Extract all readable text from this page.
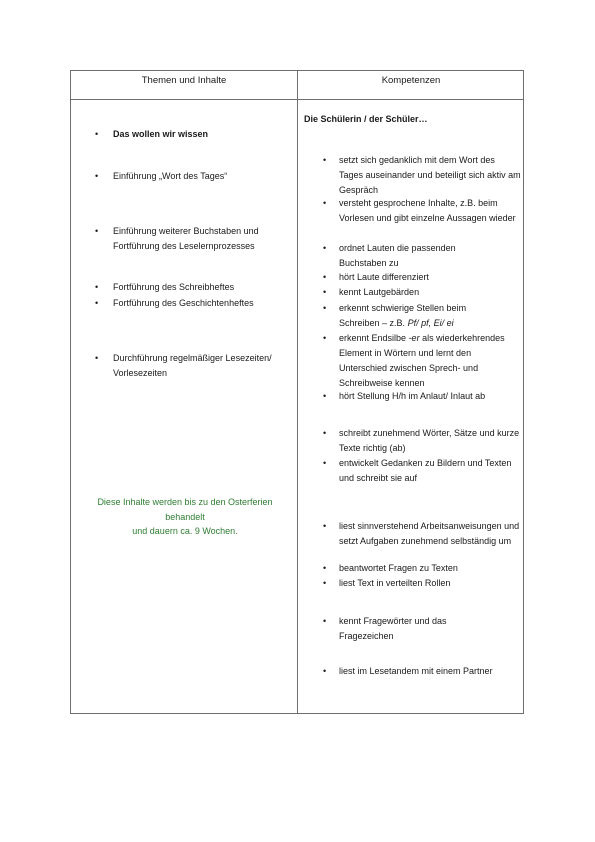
Themen und Inhalte	Kompetenzen
•
Das wollen wir wissen
•
Einführung „Wort des Tages“
•
Einführung weiterer Buchstaben und Fortführung des Leselernprozesses
•
Fortführung des Schreibheftes
•
Fortführung des Geschichtenheftes
•
Durchführung regelmäßiger Lesezeiten/ Vorlesezeiten
Diese Inhalte werden bis zu den Osterferien
behandelt
und dauern ca. 9 Wochen.
Die Schülerin / der Schüler…
•
setzt sich gedanklich mit dem Wort des Tages auseinander und beteiligt sich aktiv am Gespräch
•
versteht gesprochene Inhalte, z.B. beim Vorlesen und gibt einzelne Aussagen wieder
•
ordnet Lauten die passenden Buchstaben zu
•
hört Laute differenziert
•
kennt Lautgebärden
•
erkennt schwierige Stellen beim Schreiben – z.B. Pf/ pf, Ei/ ei
•
erkennt Endsilbe -er als wiederkehrendes Element in Wörtern und lernt den Unterschied zwischen Sprech- und Schreibweise kennen
•
hört Stellung H/h im Anlaut/ Inlaut ab
•
schreibt zunehmend Wörter, Sätze und kurze Texte richtig (ab)
•
entwickelt Gedanken zu Bildern und Texten und schreibt sie auf
•
liest sinnverstehend Arbeitsanweisungen und setzt Aufgaben zunehmend selbständig um
•
beantwortet Fragen zu Texten
•
liest Text in verteilten Rollen
•
kennt Fragewörter und das Fragezeichen
•
liest im Lesetandem mit einem Partner
